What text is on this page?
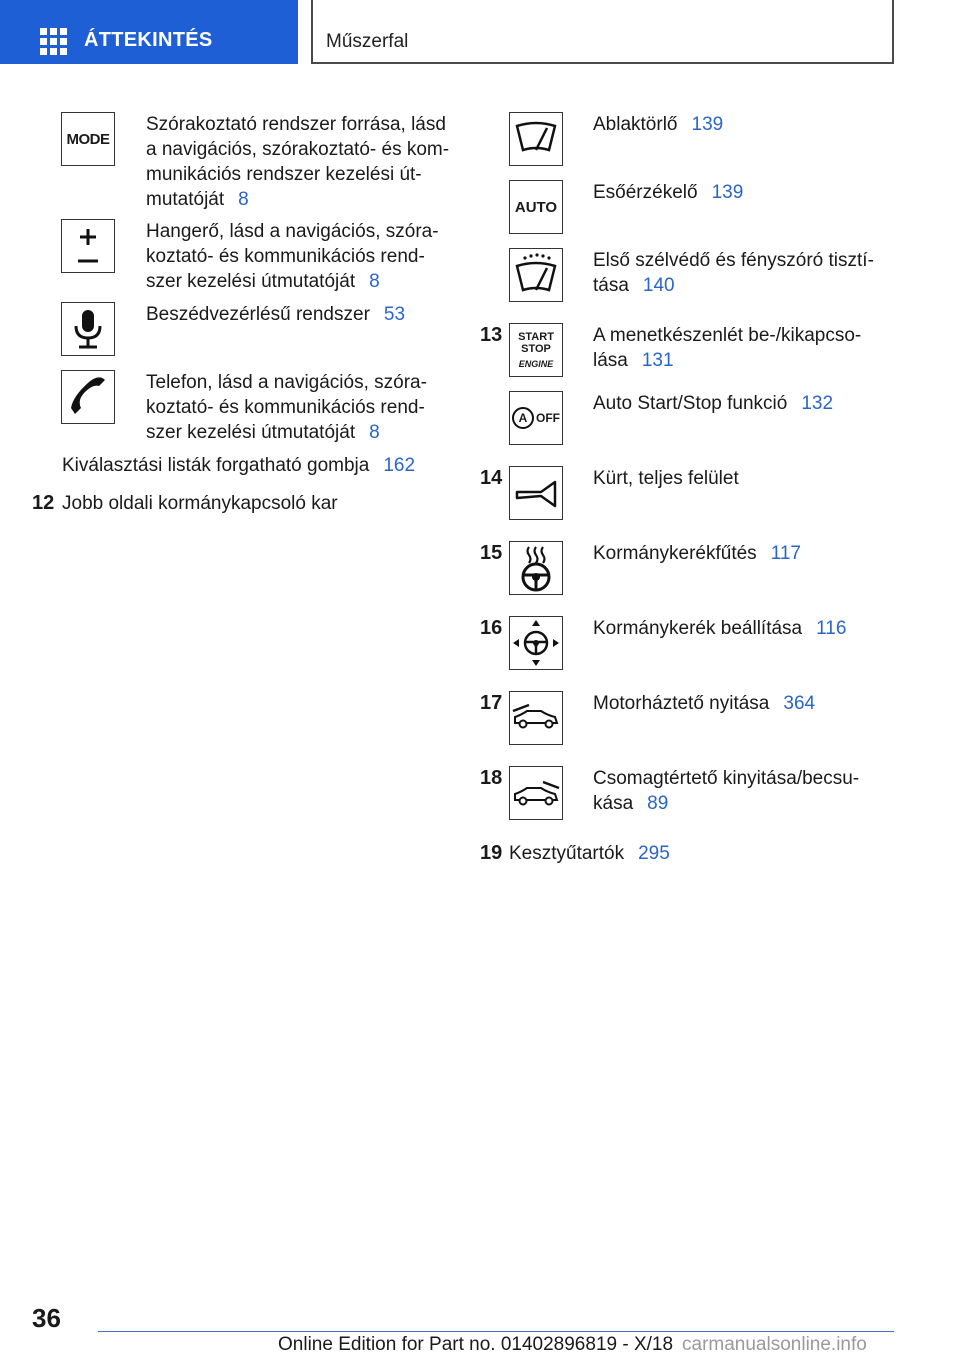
ÁTTEKINTÉS	Műszerfal
MODE
Szórakoztató rendszer forrása, lásd
a navigációs, szórakoztató- és kom-
munikációs rendszer kezelési út-
mutatóját 8
Hangerő, lásd a navigációs, szóra-
koztató- és kommunikációs rend-
szer kezelési útmutatóját 8
Beszédvezérlésű rendszer 53
Telefon, lásd a navigációs, szóra-
koztató- és kommunikációs rend-
szer kezelési útmutatóját 8
Kiválasztási listák forgatható gombja 162
12 Jobb oldali kormánykapcsoló kar
Ablaktörlő 139
AUTO
Esőérzékelő 139
Első szélvédő és fényszóró tisztí-
tása 140
13 START
STOP
ENGINE
A menetkészenlét be-/kikapcso-
lása 131
A OFF
Auto Start/Stop funkció 132
14	Kürt, teljes felület
15	Kormánykerékfűtés 117
16	Kormánykerék beállítása 116
17	Motorháztető nyitása 364
18	Csomagtértető kinyitása/becsu-
kása 89
19 Kesztyűtartók 295
36
Online Edition for Part no. 01402896819 - X/18 carmanualsonline.info
